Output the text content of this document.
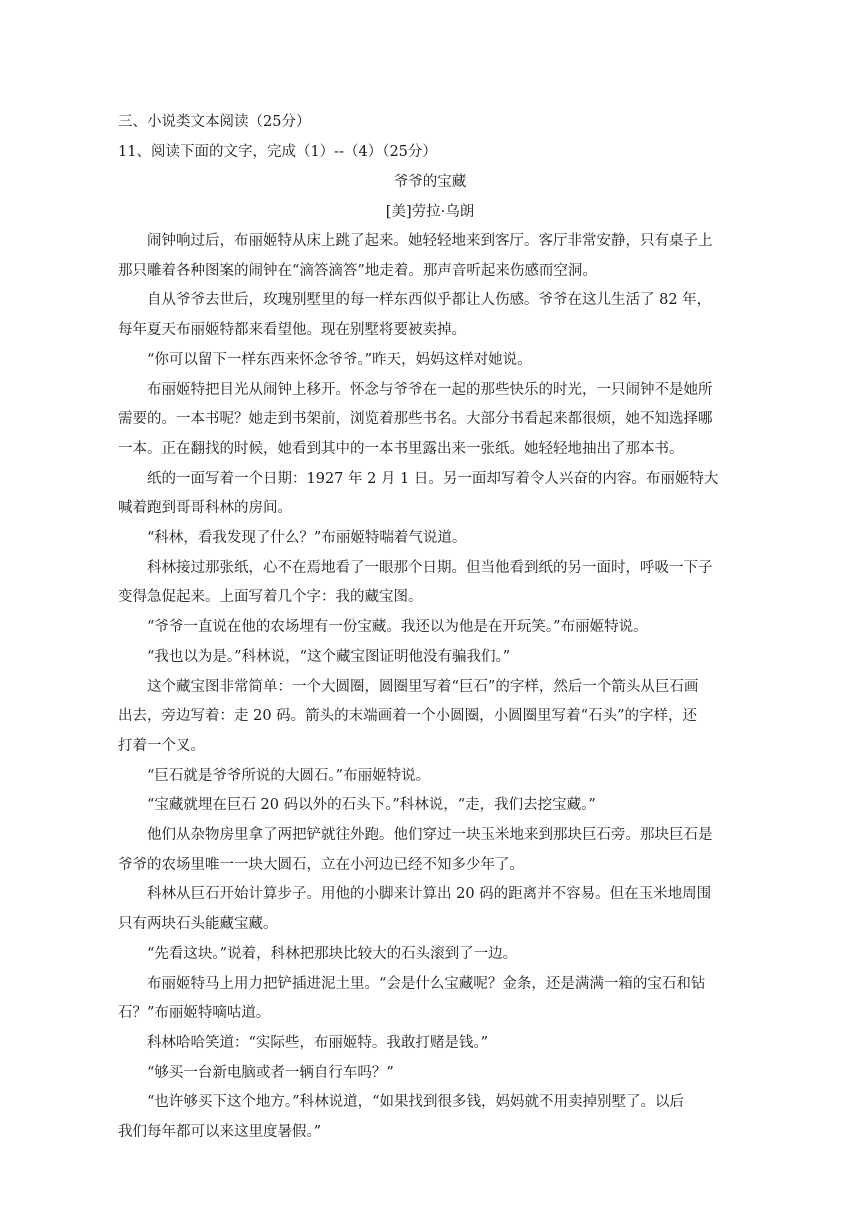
三、小说类文本阅读（25分）
11、阅读下面的文字，完成（1）--（4）（25分）
爷爷的宝藏
[美]劳拉·乌朗
　　闹钟响过后，布丽姬特从床上跳了起来。她轻轻地来到客厅。客厅非常安静，只有桌子上
那只雕着各种图案的闹钟在“滴答滴答”地走着。那声音听起来伤感而空洞。
　　自从爷爷去世后，玫瑰别墅里的每一样东西似乎都让人伤感。爷爷在这儿生活了 82 年，
每年夏天布丽姬特都来看望他。现在别墅将要被卖掉。
　　“你可以留下一样东西来怀念爷爷。”昨天，妈妈这样对她说。
　　布丽姬特把目光从闹钟上移开。怀念与爷爷在一起的那些快乐的时光，一只闹钟不是她所
需要的。一本书呢？她走到书架前，浏览着那些书名。大部分书看起来都很烦，她不知选择哪
一本。正在翻找的时候，她看到其中的一本书里露出来一张纸。她轻轻地抽出了那本书。
　　纸的一面写着一个日期：1927 年 2 月 1 日。另一面却写着令人兴奋的内容。布丽姬特大
喊着跑到哥哥科林的房间。
　　“科林，看我发现了什么？”布丽姬特喘着气说道。
　　科林接过那张纸，心不在焉地看了一眼那个日期。但当他看到纸的另一面时，呼吸一下子
变得急促起来。上面写着几个字：我的藏宝图。
　　“爷爷一直说在他的农场埋有一份宝藏。我还以为他是在开玩笑。”布丽姬特说。
　　“我也以为是。”科林说，“这个藏宝图证明他没有骗我们。”
　　这个藏宝图非常简单：一个大圆圈，圆圈里写着“巨石”的字样，然后一个箭头从巨石画
出去，旁边写着：走 20 码。箭头的末端画着一个小圆圈，小圆圈里写着“石头”的字样，还
打着一个叉。
　　“巨石就是爷爷所说的大圆石。”布丽姬特说。
　　“宝藏就埋在巨石 20 码以外的石头下。”科林说，“走，我们去挖宝藏。”
　　他们从杂物房里拿了两把铲就往外跑。他们穿过一块玉米地来到那块巨石旁。那块巨石是
爷爷的农场里唯一一块大圆石，立在小河边已经不知多少年了。
　　科林从巨石开始计算步子。用他的小脚来计算出 20 码的距离并不容易。但在玉米地周围
只有两块石头能藏宝藏。
　　“先看这块。”说着，科林把那块比较大的石头滚到了一边。
　　布丽姬特马上用力把铲插进泥土里。“会是什么宝藏呢？金条，还是满满一箱的宝石和钻
石？”布丽姬特嘀咕道。
　　科林哈哈笑道：“实际些，布丽姬特。我敢打赌是钱。”
　　“够买一台新电脑或者一辆自行车吗？”
　　“也许够买下这个地方。”科林说道，“如果找到很多钱，妈妈就不用卖掉别墅了。以后
我们每年都可以来这里度暑假。”
